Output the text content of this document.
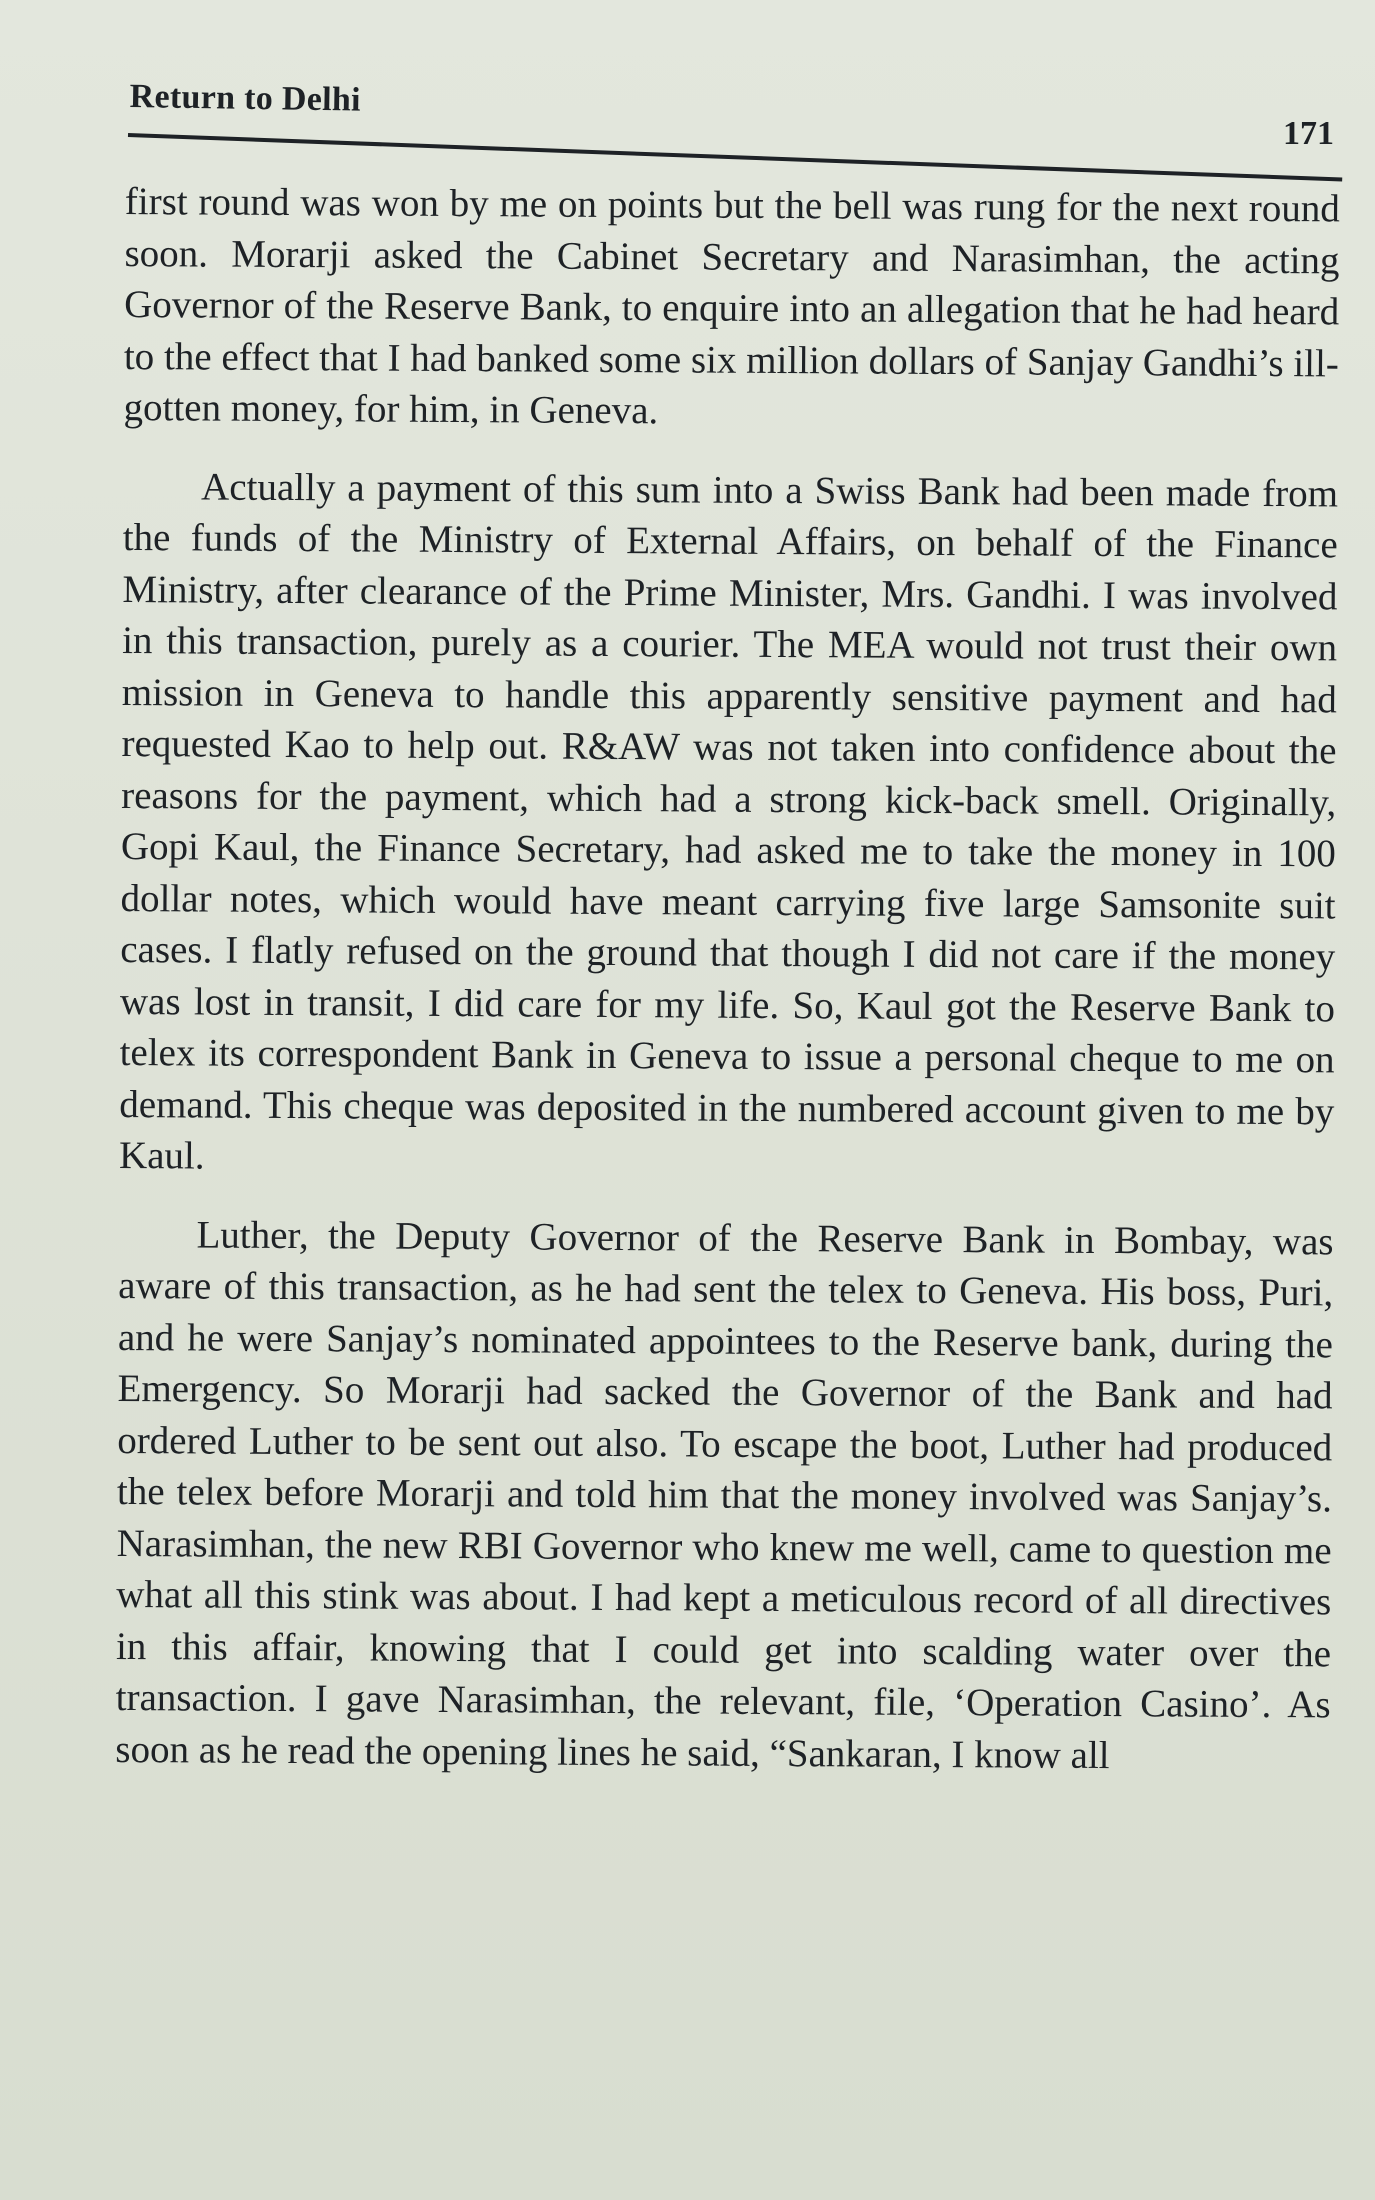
Return to Delhi
171

first round was won by me on points but the bell was rung for the next round soon. Morarji asked the Cabinet Secretary and Narasimhan, the acting Governor of the Reserve Bank, to enquire into an allegation that he had heard to the effect that I had banked some six million dollars of Sanjay Gandhi’s ill-gotten money, for him, in Geneva.

Actually a payment of this sum into a Swiss Bank had been made from the funds of the Ministry of External Affairs, on behalf of the Finance Ministry, after clearance of the Prime Minister, Mrs. Gandhi. I was involved in this transaction, purely as a courier. The MEA would not trust their own mission in Geneva to handle this apparently sensitive payment and had requested Kao to help out. R&AW was not taken into confidence about the reasons for the payment, which had a strong kick-back smell. Originally, Gopi Kaul, the Finance Secretary, had asked me to take the money in 100 dollar notes, which would have meant carrying five large Samsonite suit cases. I flatly refused on the ground that though I did not care if the money was lost in transit, I did care for my life. So, Kaul got the Reserve Bank to telex its correspondent Bank in Geneva to issue a personal cheque to me on demand. This cheque was deposited in the numbered account given to me by Kaul.

Luther, the Deputy Governor of the Reserve Bank in Bombay, was aware of this transaction, as he had sent the telex to Geneva. His boss, Puri, and he were Sanjay’s nominated appointees to the Reserve bank, during the Emergency. So Morarji had sacked the Governor of the Bank and had ordered Luther to be sent out also. To escape the boot, Luther had produced the telex before Morarji and told him that the money involved was Sanjay’s. Narasimhan, the new RBI Governor who knew me well, came to question me what all this stink was about. I had kept a meticulous record of all directives in this affair, knowing that I could get into scalding water over the transaction. I gave Narasimhan, the relevant, file, ‘Operation Casino’. As soon as he read the opening lines he said, “Sankaran, I know all
